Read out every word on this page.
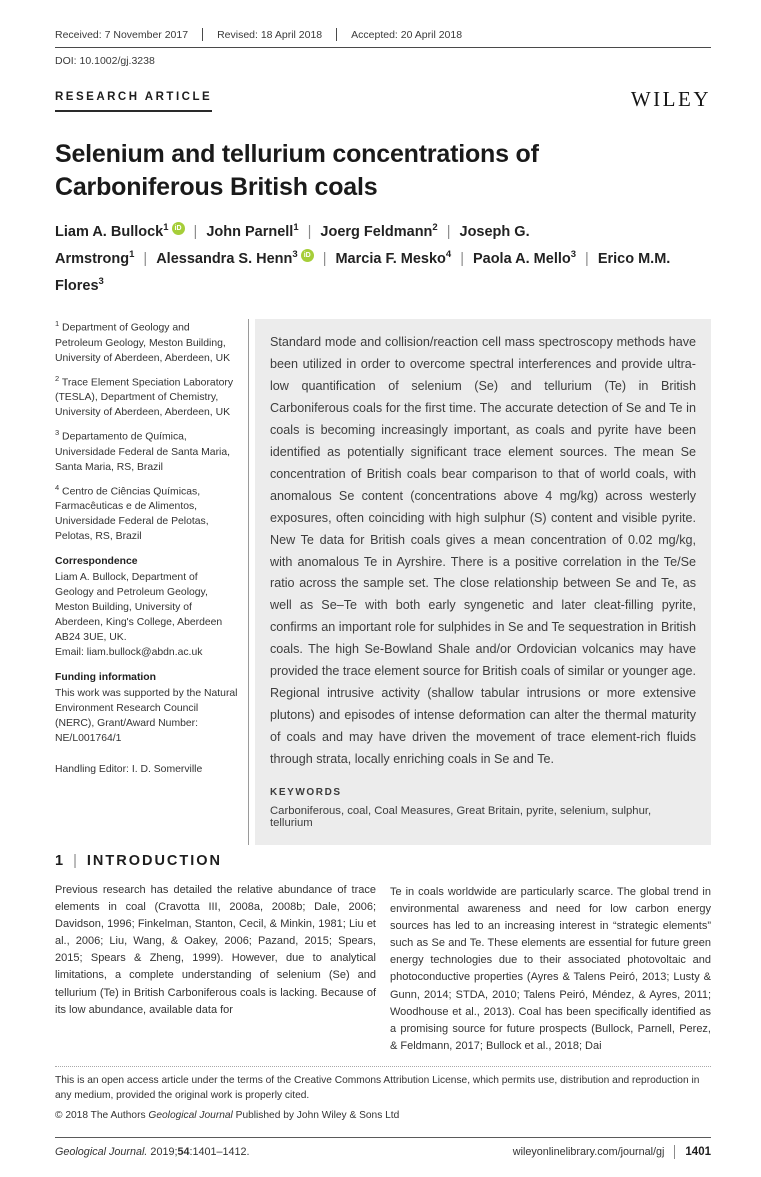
Received: 7 November 2017	Revised: 18 April 2018	Accepted: 20 April 2018
DOI: 10.1002/gj.3238
RESEARCH ARTICLE	WILEY
Selenium and tellurium concentrations of Carboniferous British coals
Liam A. Bullock$^1$ iD | John Parnell$^1$ | Joerg Feldmann$^2$ | Joseph G. Armstrong$^1$ | Alessandra S. Henn$^3$ iD | Marcia F. Mesko$^4$ | Paola A. Mello$^3$ | Erico M.M. Flores$^3$

$^1$ Department of Geology and Petroleum Geology, Meston Building, University of Aberdeen, Aberdeen, UK

$^2$ Trace Element Speciation Laboratory (TESLA), Department of Chemistry, University of Aberdeen, Aberdeen, UK

$^3$ Departamento de Química, Universidade Federal de Santa Maria, Santa Maria, RS, Brazil

$^4$ Centro de Ciências Químicas, Farmacêuticas e de Alimentos, Universidade Federal de Pelotas, Pelotas, RS, Brazil

Correspondence

Liam A. Bullock, Department of Geology and Petroleum Geology, Meston Building, University of Aberdeen, King's College, Aberdeen AB24 3UE, UK.

Email: liam.bullock@abdn.ac.uk

Funding information

This work was supported by the Natural Environment Research Council (NERC), Grant/Award Number: NE/L001764/1

Handling Editor: I. D. Somerville

Standard mode and collision/reaction cell mass spectroscopy methods have been utilized in order to overcome spectral interferences and provide ultra-low quantification of selenium (Se) and tellurium (Te) in British Carboniferous coals for the first time. The accurate detection of Se and Te in coals is becoming increasingly important, as coals and pyrite have been identified as potentially significant trace element sources. The mean Se concentration of British coals bear comparison to that of world coals, with anomalous Se content (concentrations above 4 mg/kg) across westerly exposures, often coinciding with high sulphur (S) content and visible pyrite. New Te data for British coals gives a mean concentration of 0.02 mg/kg, with anomalous Te in Ayrshire. There is a positive correlation in the Te/Se ratio across the sample set. The close relationship between Se and Te, as well as Se–Te with both early syngenetic and later cleat-filling pyrite, confirms an important role for sulphides in Se and Te sequestration in British coals. The high Se-Bowland Shale and/or Ordovician volcanics may have provided the trace element source for British coals of similar or younger age. Regional intrusive activity (shallow tabular intrusions or more extensive plutons) and episodes of intense deformation can alter the thermal maturity of coals and may have driven the movement of trace element-rich fluids through strata, locally enriching coals in Se and Te.

KEYWORDS

Carboniferous, coal, Coal Measures, Great Britain, pyrite, selenium, sulphur, tellurium

1 | INTRODUCTION

Previous research has detailed the relative abundance of trace elements in coal (Cravotta III, 2008a, 2008b; Dale, 2006; Davidson, 1996; Finkelman, Stanton, Cecil, & Minkin, 1981; Liu et al., 2006; Liu, Wang, & Oakey, 2006; Pazand, 2015; Spears, 2015; Spears & Zheng, 1999). However, due to analytical limitations, a complete understanding of selenium (Se) and tellurium (Te) in British Carboniferous coals is lacking. Because of its low abundance, available data for

Te in coals worldwide are particularly scarce. The global trend in environmental awareness and need for low carbon energy sources has led to an increasing interest in “strategic elements” such as Se and Te. These elements are essential for future green energy technologies due to their associated photovoltaic and photoconductive properties (Ayres & Talens Peiró, 2013; Lusty & Gunn, 2014; STDA, 2010; Talens Peiró, Méndez, & Ayres, 2011; Woodhouse et al., 2013). Coal has been specifically identified as a promising source for future prospects (Bullock, Parnell, Perez, & Feldmann, 2017; Bullock et al., 2018; Dai

This is an open access article under the terms of the Creative Commons Attribution License, which permits use, distribution and reproduction in any medium, provided the original work is properly cited.
© 2018 The Authors Geological Journal Published by John Wiley & Sons Ltd
Geological Journal. 2019;54:1401–1412.	wileyonlinelibrary.com/journal/gj 1401
